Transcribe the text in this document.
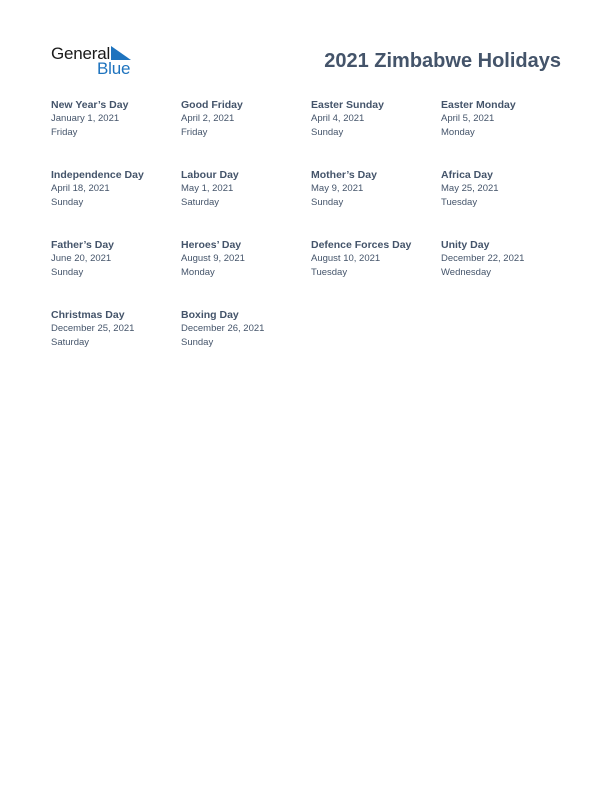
General
Blue	2021 Zimbabwe Holidays
New Year’s Day
January 1, 2021
Friday
Good Friday
April 2, 2021
Friday
Easter Sunday
April 4, 2021
Sunday
Easter Monday
April 5, 2021
Monday
Independence Day
April 18, 2021
Sunday
Labour Day
May 1, 2021
Saturday
Mother’s Day
May 9, 2021
Sunday
Africa Day
May 25, 2021
Tuesday
Father’s Day
June 20, 2021
Sunday
Heroes’ Day
August 9, 2021
Monday
Defence Forces Day
August 10, 2021
Tuesday
Unity Day
December 22, 2021
Wednesday
Christmas Day
December 25, 2021
Saturday
Boxing Day
December 26, 2021
Sunday
